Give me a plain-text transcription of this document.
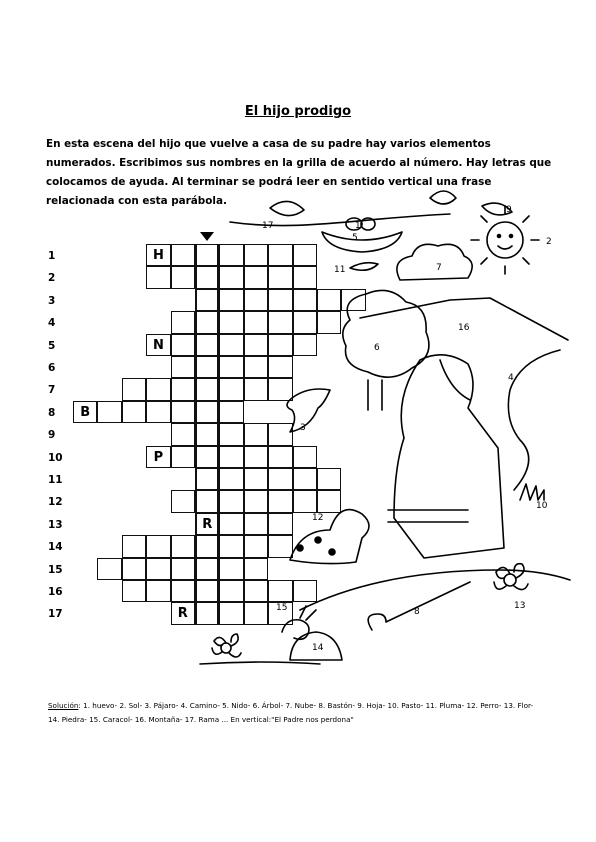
El hijo prodigo
En esta escena del hijo que vuelve a casa de su padre hay varios elementos
numerados. Escribimos sus nombres en la grilla de acuerdo al número. Hay letras que
colocamos de ayuda. Al terminar se podrá leer en sentido vertical una frase
relacionada con esta parábola.
1	H
2
3
4
5	N
6
7
8	B
9
10	P
11
12
13	R
14
15
16
17	R
17	1
5
9
2
11	7
16
6
4
3
12
10
15
14
8
13
Solución: 1. huevo- 2. Sol- 3. Pájaro- 4. Camino- 5. Nido- 6. Árbol- 7. Nube- 8. Bastón- 9. Hoja- 10. Pasto- 11. Pluma- 12. Perro- 13. Flor-
14. Piedra- 15. Caracol- 16. Montaña- 17. Rama ... En vertical:"El Padre nos perdona"
